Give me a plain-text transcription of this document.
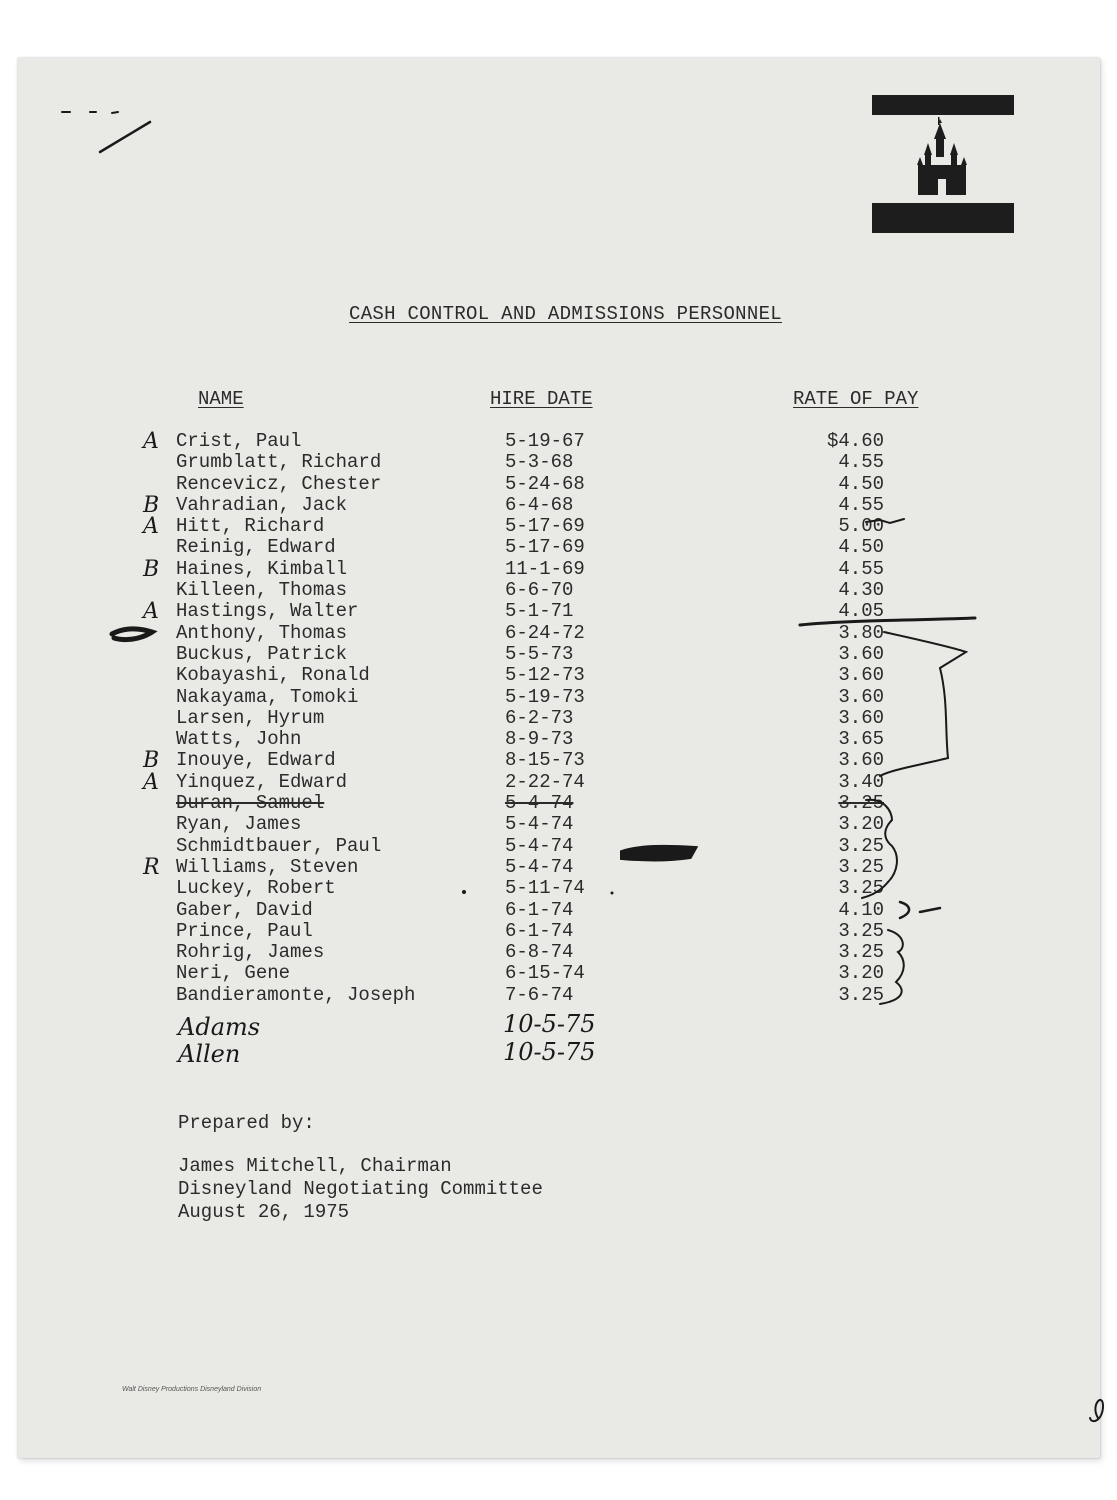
CASH CONTROL AND ADMISSIONS PERSONNEL
NAME	HIRE DATE	RATE OF PAY
A Crist, Paul	5-19-67	$4.60
Grumblatt, Richard	5-3-68	4.55
Rencevicz, Chester	5-24-68	4.50
B Vahradian, Jack	6-4-68	4.55
A Hitt, Richard	5-17-69	5.00
Reinig, Edward	5-17-69	4.50
B Haines, Kimball	11-1-69	4.55
Killeen, Thomas	6-6-70	4.30
A Hastings, Walter	5-1-71	4.05
Anthony, Thomas	6-24-72	3.80
Buckus, Patrick	5-5-73	3.60
Kobayashi, Ronald	5-12-73	3.60
Nakayama, Tomoki	5-19-73	3.60
Larsen, Hyrum	6-2-73	3.60
Watts, John	8-9-73	3.65
B Inouye, Edward	8-15-73	3.60
A Yinquez, Edward	2-22-74	3.40
Duran, Samuel	5-4-74	3.25
Ryan, James	5-4-74	3.20
Schmidtbauer, Paul	5-4-74	3.25
R Williams, Steven	5-4-74	3.25
Luckey, Robert	5-11-74	3.25
Gaber, David	6-1-74	4.10
Prince, Paul	6-1-74	3.25
Rohrig, James	6-8-74	3.25
Neri, Gene	6-15-74	3.20
Bandieramonte, Joseph	7-6-74	3.25
Adams	10-5-75
Allen	10-5-75
Prepared by:
James Mitchell, Chairman
Disneyland Negotiating Committee
August 26, 1975
Walt Disney Productions Disneyland Division
